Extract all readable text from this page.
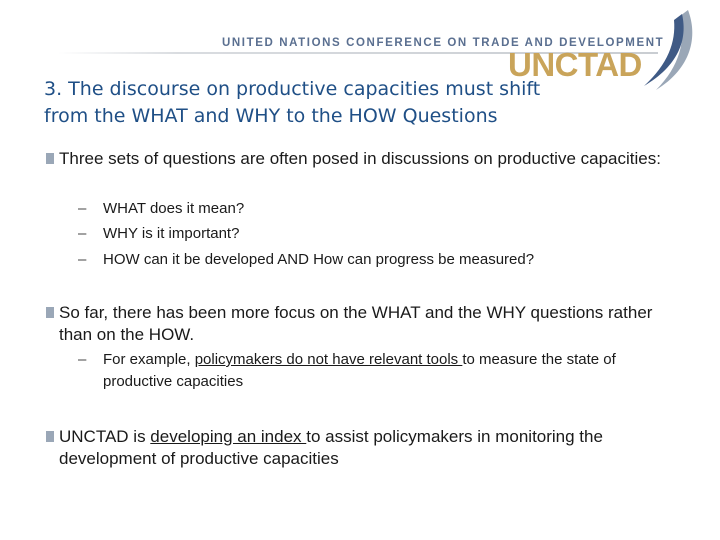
UNITED NATIONS CONFERENCE ON TRADE AND DEVELOPMENT
UNCTAD
3. The discourse on productive capacities must shift
from the WHAT and WHY to the HOW Questions
Three sets of questions are often posed in discussions on productive capacities:
– WHAT does it mean?
– WHY is it important?
– HOW can it be developed AND How can progress be measured?
So far, there has been more focus on the WHAT and the WHY questions rather than on the HOW.
– For example, policymakers do not have relevant tools to measure the state of productive capacities
UNCTAD is developing an index to assist policymakers in monitoring the development of productive capacities
